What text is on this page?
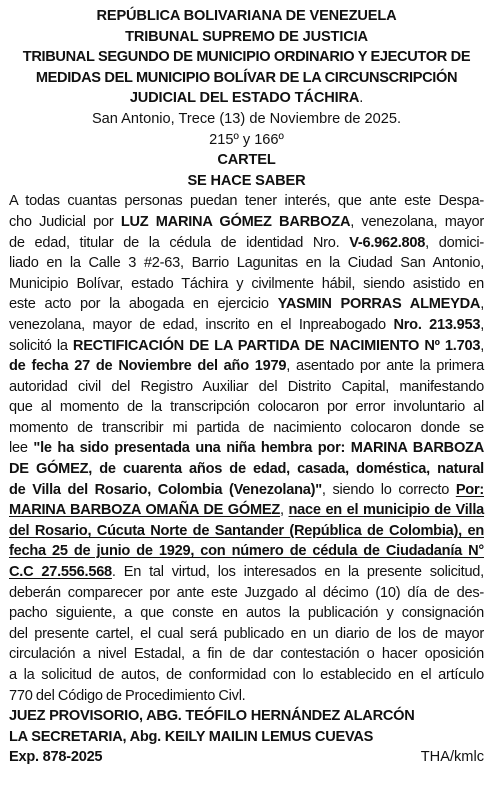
REPÚBLICA BOLIVARIANA DE VENEZUELA
TRIBUNAL SUPREMO DE JUSTICIA
TRIBUNAL SEGUNDO DE MUNICIPIO ORDINARIO Y EJECUTOR DE
MEDIDAS DEL MUNICIPIO BOLÍVAR DE LA CIRCUNSCRIPCIÓN
JUDICIAL DEL ESTADO TÁCHIRA.
San Antonio, Trece (13) de Noviembre de 2025.
215º y 166º
CARTEL
SE HACE SABER
A todas cuantas personas puedan tener interés, que ante este Despa-
cho Judicial por LUZ MARINA GÓMEZ BARBOZA, venezolana, mayor
de edad, titular de la cédula de identidad Nro. V-6.962.808, domici-
liado en la Calle 3 #2-63, Barrio Lagunitas en la Ciudad San Antonio,
Municipio Bolívar, estado Táchira y civilmente hábil, siendo asistido en
este acto por la abogada en ejercicio YASMIN PORRAS ALMEYDA,
venezolana, mayor de edad, inscrito en el Inpreabogado Nro. 213.953,
solicitó la RECTIFICACIÓN DE LA PARTIDA DE NACIMIENTO Nº 1.703,
de fecha 27 de Noviembre del año 1979, asentado por ante la primera
autoridad civil del Registro Auxiliar del Distrito Capital, manifestando
que al momento de la transcripción colocaron por error involuntario al
momento de transcribir mi partida de nacimiento colocaron donde se
lee "le ha sido presentada una niña hembra por: MARINA BARBOZA
DE GÓMEZ, de cuarenta años de edad, casada, doméstica, natural
de Villa del Rosario, Colombia (Venezolana)", siendo lo correcto Por:
MARINA BARBOZA OMAÑA DE GÓMEZ, nace en el municipio de Villa
del Rosario, Cúcuta Norte de Santander (República de Colombia), en
fecha 25 de junio de 1929, con número de cédula de Ciudadanía N°
C.C 27.556.568. En tal virtud, los interesados en la presente solicitud,
deberán comparecer por ante este Juzgado al décimo (10) día de des-
pacho siguiente, a que conste en autos la publicación y consignación
del presente cartel, el cual será publicado en un diario de los de mayor
circulación a nivel Estadal, a fin de dar contestación o hacer oposición
a la solicitud de autos, de conformidad con lo establecido en el artículo
770 del Código de Procedimiento Civl.
JUEZ PROVISORIO, ABG. TEÓFILO HERNÁNDEZ ALARCÓN
LA SECRETARIA, Abg. KEILY MAILIN LEMUS CUEVAS
Exp. 878-2025	THA/kmlc
